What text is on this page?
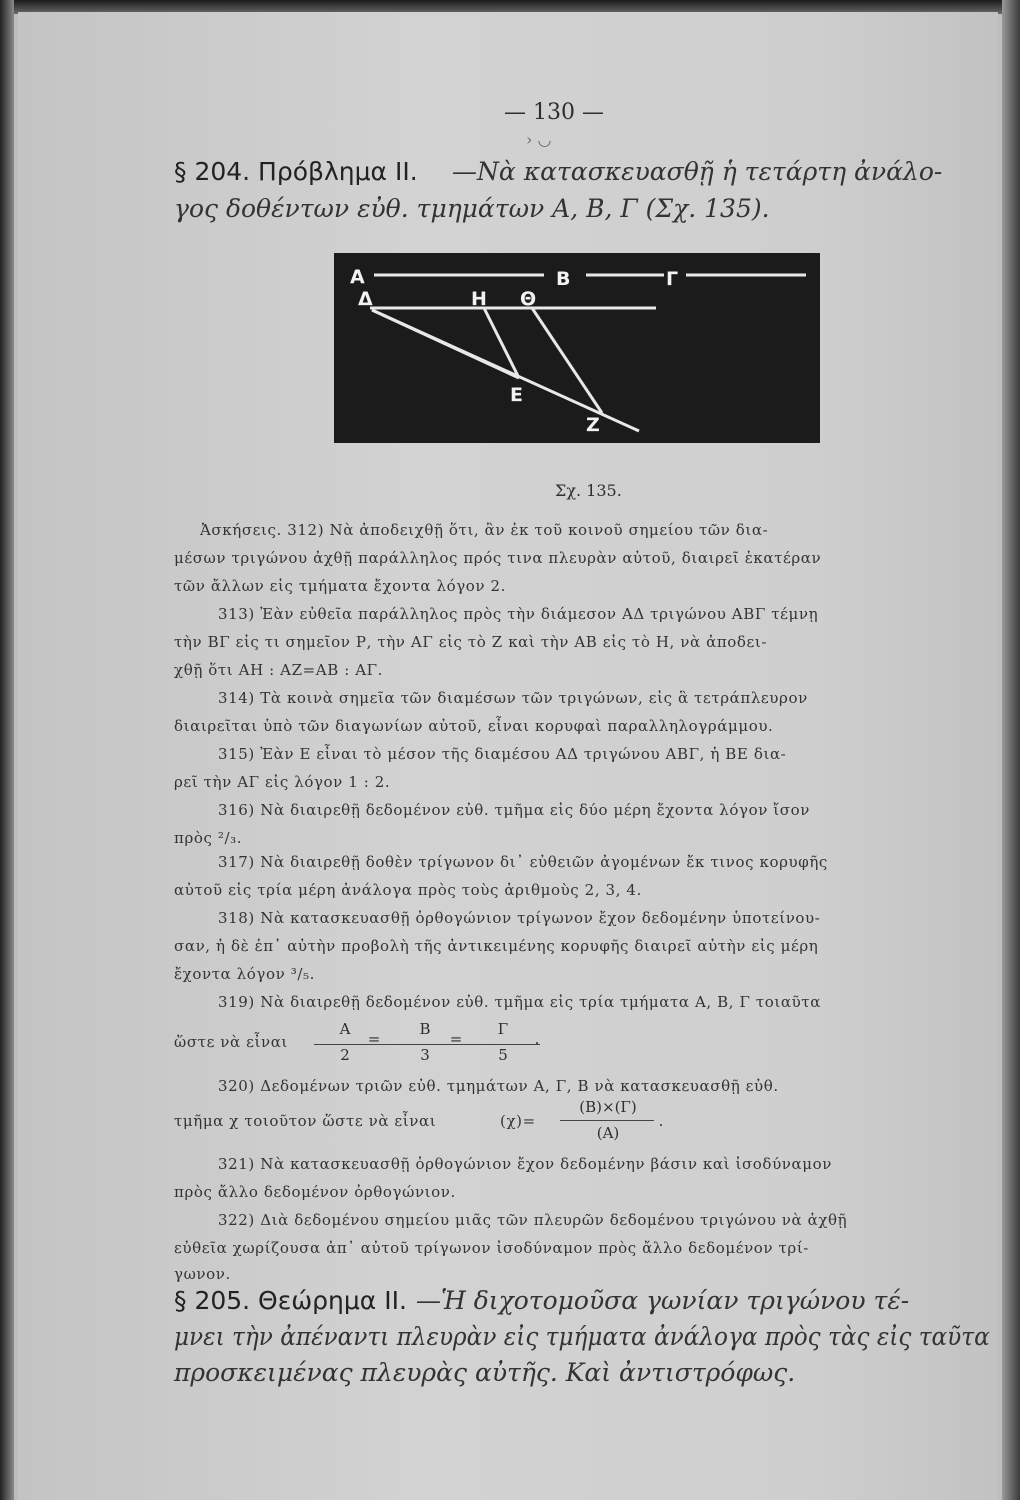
— 130 —
› ◡
§ 204. Πρόβλημα II. —Νὰ κατασκευασθῇ ἡ τετάρτη ἀνάλο-
γος δοθέντων εὐθ. τμημάτων Α, Β, Γ (Σχ. 135).
Α	Β	Γ
Δ	Η Θ
Ε
Ζ
Σχ. 135.
Ἀσκήσεις. 312) Νὰ ἀποδειχθῇ ὅτι, ἂν ἐκ τοῦ κοινοῦ σημείου τῶν δια-
μέσων τριγώνου ἀχθῇ παράλληλος πρός τινα πλευρὰν αὐτοῦ, διαιρεῖ ἑκατέραν
τῶν ἄλλων εἰς τμήματα ἔχοντα λόγον 2.
313) Ἐὰν εὐθεῖα παράλληλος πρὸς τὴν διάμεσον ΑΔ τριγώνου ΑΒΓ τέμνῃ
τὴν ΒΓ εἰς τι σημεῖον Ρ, τὴν ΑΓ εἰς τὸ Ζ καὶ τὴν ΑΒ εἰς τὸ Η, νὰ ἀποδει-
χθῇ ὅτι ΑΗ : ΑΖ=ΑΒ : ΑΓ.
314) Τὰ κοινὰ σημεῖα τῶν διαμέσων τῶν τριγώνων, εἰς ἃ τετράπλευρον
διαιρεῖται ὑπὸ τῶν διαγωνίων αὐτοῦ, εἶναι κορυφαὶ παραλληλογράμμου.
315) Ἐὰν Ε εἶναι τὸ μέσον τῆς διαμέσου ΑΔ τριγώνου ΑΒΓ, ἡ ΒΕ δια-
ρεῖ τὴν ΑΓ εἰς λόγον 1 : 2.
316) Νὰ διαιρεθῇ δεδομένον εὐθ. τμῆμα εἰς δύο μέρη ἔχοντα λόγον ἴσον
πρὸς ²/₃.
317) Νὰ διαιρεθῇ δοθὲν τρίγωνον δι᾽ εὐθειῶν ἀγομένων ἔκ τινος κορυφῆς
αὐτοῦ εἰς τρία μέρη ἀνάλογα πρὸς τοὺς ἀριθμοὺς 2, 3, 4.
318) Νὰ κατασκευασθῇ ὀρθογώνιον τρίγωνον ἔχον δεδομένην ὑποτείνου-
σαν, ἡ δὲ ἐπ᾽ αὐτὴν προβολὴ τῆς ἀντικειμένης κορυφῆς διαιρεῖ αὐτὴν εἰς μέρη
ἔχοντα λόγον ³/₅.
319) Νὰ διαιρεθῇ δεδομένον εὐθ. τμῆμα εἰς τρία τμήματα Α, Β, Γ τοιαῦτα
ὥστε νὰ εἶναι
Α
2
=
Β
3
=
Γ
5
.
320) Δεδομένων τριῶν εὐθ. τμημάτων Α, Γ, Β νὰ κατασκευασθῇ εὐθ.
τμῆμα χ τοιοῦτον ὥστε νὰ εἶναι	(χ)=
(Β)×(Γ)
(Α)
.
321) Νὰ κατασκευασθῇ ὀρθογώνιον ἔχον δεδομένην βάσιν καὶ ἰσοδύναμον
πρὸς ἄλλο δεδομένον ὀρθογώνιον.
322) Διὰ δεδομένου σημείου μιᾶς τῶν πλευρῶν δεδομένου τριγώνου νὰ ἀχθῇ
εὐθεῖα χωρίζουσα ἀπ᾽ αὐτοῦ τρίγωνον ἰσοδύναμον πρὸς ἄλλο δεδομένον τρί-
γωνον.
§ 205. Θεώρημα II. —Ἡ διχοτομοῦσα γωνίαν τριγώνου τέ-
μνει τὴν ἀπέναντι πλευρὰν εἰς τμήματα ἀνάλογα πρὸς τὰς εἰς ταῦτα
προσκειμένας πλευρὰς αὐτῆς. Καὶ ἀντιστρόφως.
